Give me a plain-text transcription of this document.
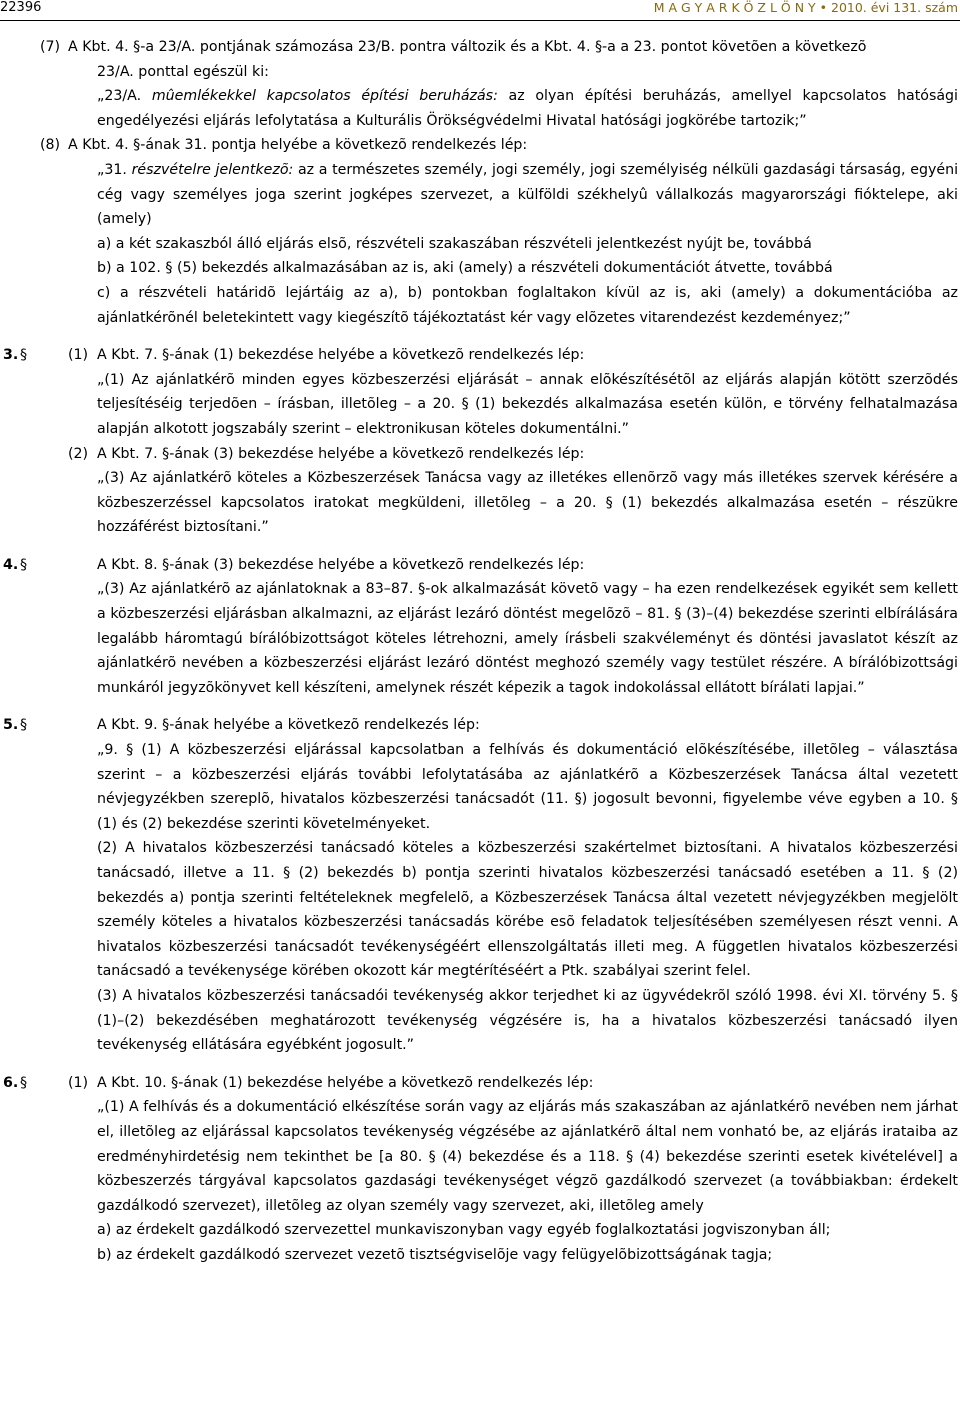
22396	M A G Y A R K Ö Z L Ö N Y • 2010. évi 131. szám
(7) A Kbt. 4. §-a 23/A. pontjának számozása 23/B. pontra változik és a Kbt. 4. §-a a 23. pontot követõen a következõ

23/A. ponttal egészül ki:

„23/A. mûemlékekkel kapcsolatos építési beruházás: az olyan építési beruházás, amellyel kapcsolatos hatósági engedélyezési eljárás lefolytatása a Kulturális Örökségvédelmi Hivatal hatósági jogkörébe tartozik;”

(8) A Kbt. 4. §-ának 31. pontja helyébe a következõ rendelkezés lép:

„31. részvételre jelentkezõ: az a természetes személy, jogi személy, jogi személyiség nélküli gazdasági társaság, egyéni cég vagy személyes joga szerint jogképes szervezet, a külföldi székhelyû vállalkozás magyarországi fióktelepe, aki (amely)

a) a két szakaszból álló eljárás elsõ, részvételi szakaszában részvételi jelentkezést nyújt be, továbbá

b) a 102. § (5) bekezdés alkalmazásában az is, aki (amely) a részvételi dokumentációt átvette, továbbá

c) a részvételi határidõ lejártáig az a), b) pontokban foglaltakon kívül az is, aki (amely) a dokumentációba az ajánlatkérõnél beletekintett vagy kiegészítõ tájékoztatást kér vagy elõzetes vitarendezést kezdeményez;”

3. §	(1) A Kbt. 7. §-ának (1) bekezdése helyébe a következõ rendelkezés lép:

„(1) Az ajánlatkérõ minden egyes közbeszerzési eljárását – annak elõkészítésétõl az eljárás alapján kötött szerzõdés teljesítéséig terjedõen – írásban, illetõleg – a 20. § (1) bekezdés alkalmazása esetén külön, e törvény felhatalmazása alapján alkotott jogszabály szerint – elektronikusan köteles dokumentálni.”

(2) A Kbt. 7. §-ának (3) bekezdése helyébe a következõ rendelkezés lép:

„(3) Az ajánlatkérõ köteles a Közbeszerzések Tanácsa vagy az illetékes ellenõrzõ vagy más illetékes szervek kérésére a közbeszerzéssel kapcsolatos iratokat megküldeni, illetõleg – a 20. § (1) bekezdés alkalmazása esetén – részükre hozzáférést biztosítani.”

4. §	A Kbt. 8. §-ának (3) bekezdése helyébe a következõ rendelkezés lép:

„(3) Az ajánlatkérõ az ajánlatoknak a 83–87. §-ok alkalmazását követõ vagy – ha ezen rendelkezések egyikét sem kellett a közbeszerzési eljárásban alkalmazni, az eljárást lezáró döntést megelõzõ – 81. § (3)–(4) bekezdése szerinti elbírálására legalább háromtagú bírálóbizottságot köteles létrehozni, amely írásbeli szakvéleményt és döntési javaslatot készít az ajánlatkérõ nevében a közbeszerzési eljárást lezáró döntést meghozó személy vagy testület részére. A bírálóbizottsági munkáról jegyzõkönyvet kell készíteni, amelynek részét képezik a tagok indokolással ellátott bírálati lapjai.”

5. §	A Kbt. 9. §-ának helyébe a következõ rendelkezés lép:

„9. § (1) A közbeszerzési eljárással kapcsolatban a felhívás és dokumentáció elõkészítésébe, illetõleg – választása szerint – a közbeszerzési eljárás további lefolytatásába az ajánlatkérõ a Közbeszerzések Tanácsa által vezetett névjegyzékben szereplõ, hivatalos közbeszerzési tanácsadót (11. §) jogosult bevonni, figyelembe véve egyben a 10. § (1) és (2) bekezdése szerinti követelményeket.

(2) A hivatalos közbeszerzési tanácsadó köteles a közbeszerzési szakértelmet biztosítani. A hivatalos közbeszerzési tanácsadó, illetve a 11. § (2) bekezdés b) pontja szerinti hivatalos közbeszerzési tanácsadó esetében a 11. § (2) bekezdés a) pontja szerinti feltételeknek megfelelõ, a Közbeszerzések Tanácsa által vezetett névjegyzékben megjelölt személy köteles a hivatalos közbeszerzési tanácsadás körébe esõ feladatok teljesítésében személyesen részt venni. A hivatalos közbeszerzési tanácsadót tevékenységéért ellenszolgáltatás illeti meg. A független hivatalos közbeszerzési tanácsadó a tevékenysége körében okozott kár megtérítéséért a Ptk. szabályai szerint felel.

(3) A hivatalos közbeszerzési tanácsadói tevékenység akkor terjedhet ki az ügyvédekrõl szóló 1998. évi XI. törvény 5. § (1)–(2) bekezdésében meghatározott tevékenység végzésére is, ha a hivatalos közbeszerzési tanácsadó ilyen tevékenység ellátására egyébként jogosult.”

6. §	(1) A Kbt. 10. §-ának (1) bekezdése helyébe a következõ rendelkezés lép:

„(1) A felhívás és a dokumentáció elkészítése során vagy az eljárás más szakaszában az ajánlatkérõ nevében nem járhat el, illetõleg az eljárással kapcsolatos tevékenység végzésébe az ajánlatkérõ által nem vonható be, az eljárás irataiba az eredményhirdetésig nem tekinthet be [a 80. § (4) bekezdése és a 118. § (4) bekezdése szerinti esetek kivételével] a közbeszerzés tárgyával kapcsolatos gazdasági tevékenységet végzõ gazdálkodó szervezet (a továbbiakban: érdekelt gazdálkodó szervezet), illetõleg az olyan személy vagy szervezet, aki, illetõleg amely

a) az érdekelt gazdálkodó szervezettel munkaviszonyban vagy egyéb foglalkoztatási jogviszonyban áll;

b) az érdekelt gazdálkodó szervezet vezetõ tisztségviselõje vagy felügyelõbizottságának tagja;
